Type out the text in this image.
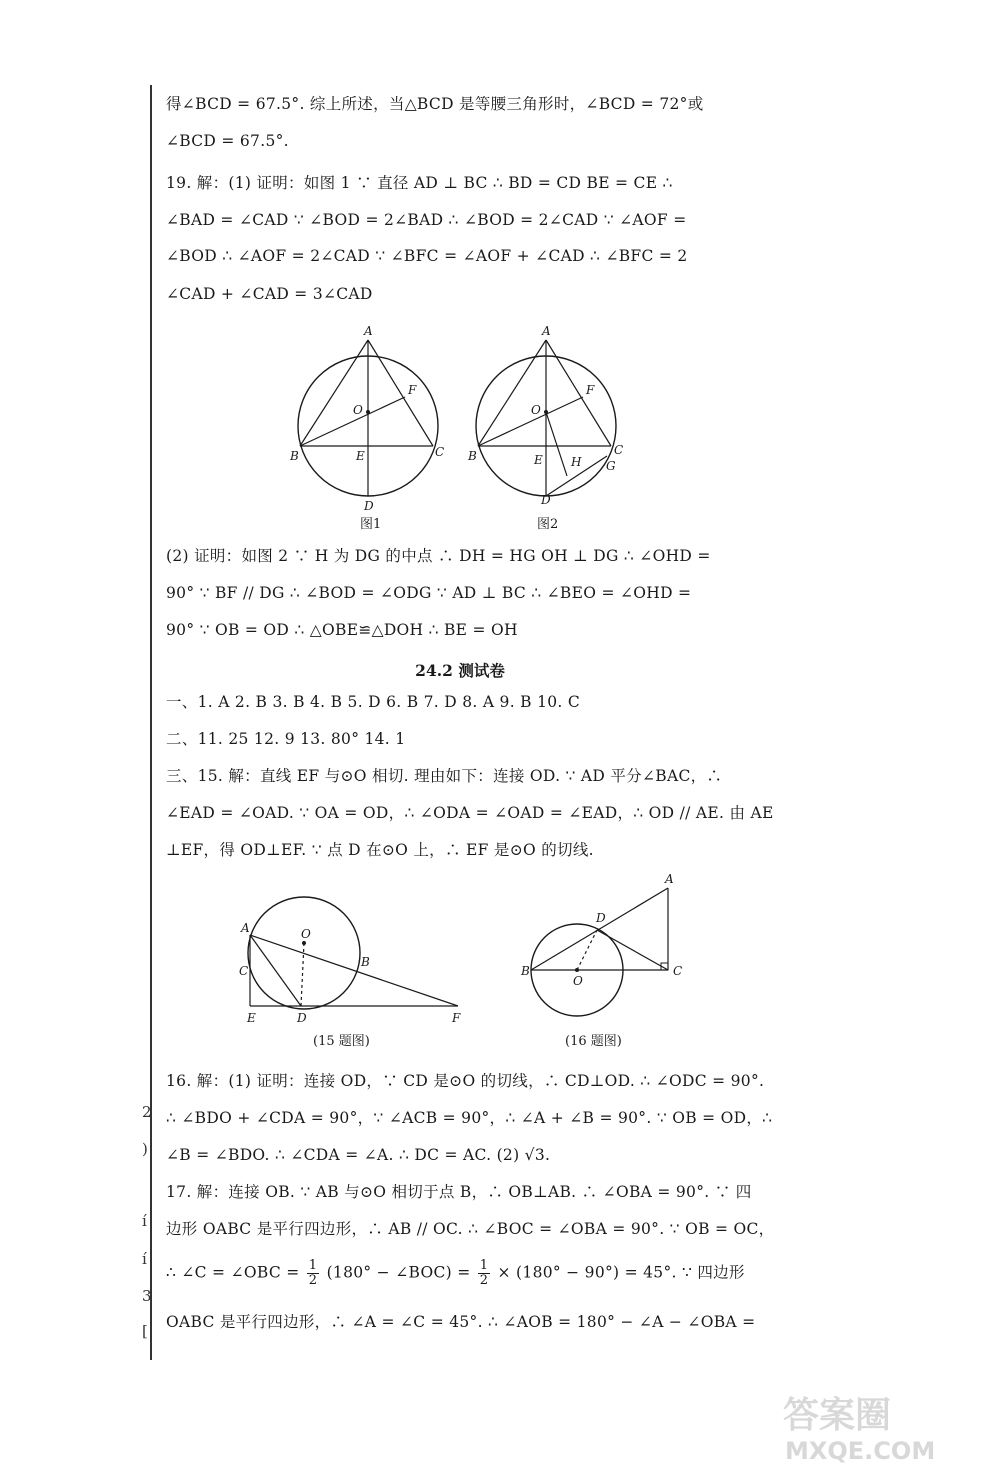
2
)
í
í
3
[
得∠BCD = 67.5°. 综上所述，当△BCD 是等腰三角形时，∠BCD = 72°或
∠BCD = 67.5°.
19. 解：(1) 证明：如图 1 ∵ 直径 AD ⊥ BC ∴ BD = CD BE = CE ∴
∠BAD = ∠CAD ∵ ∠BOD = 2∠BAD ∴ ∠BOD = 2∠CAD ∵ ∠AOF =
∠BOD ∴ ∠AOF = 2∠CAD ∵ ∠BFC = ∠AOF + ∠CAD ∴ ∠BFC = 2
∠CAD + ∠CAD = 3∠CAD
A
F
O
B	E	C
D
图1
A
F
O
B	E
C
H G
D
图2
(2) 证明：如图 2 ∵ H 为 DG 的中点 ∴ DH = HG OH ⊥ DG ∴ ∠OHD =
90° ∵ BF // DG ∴ ∠BOD = ∠ODG ∵ AD ⊥ BC ∴ ∠BEO = ∠OHD =
90° ∵ OB = OD ∴ △OBE≌△DOH ∴ BE = OH
24.2 测试卷
一、1. A 2. B 3. B 4. B 5. D 6. B 7. D 8. A 9. B 10. C
二、11. 25 12. 9 13. 80° 14. 1
三、15. 解：直线 EF 与⊙O 相切. 理由如下：连接 OD. ∵ AD 平分∠BAC，∴
∠EAD = ∠OAD. ∵ OA = OD，∴ ∠ODA = ∠OAD = ∠EAD，∴ OD // AE. 由 AE
⊥EF，得 OD⊥EF. ∵ 点 D 在⊙O 上，∴ EF 是⊙O 的切线.
A	O
B
C
E	D	F
(15 题图)
A
D
B	C
O
(16 题图)
16. 解：(1) 证明：连接 OD，∵ CD 是⊙O 的切线，∴ CD⊥OD. ∴ ∠ODC = 90°.
∴ ∠BDO + ∠CDA = 90°，∵ ∠ACB = 90°，∴ ∠A + ∠B = 90°. ∵ OB = OD，∴
∠B = ∠BDO. ∴ ∠CDA = ∠A. ∴ DC = AC. (2) √3.
17. 解：连接 OB. ∵ AB 与⊙O 相切于点 B，∴ OB⊥AB. ∴ ∠OBA = 90°. ∵ 四
边形 OABC 是平行四边形，∴ AB // OC. ∴ ∠BOC = ∠OBA = 90°. ∵ OB = OC，
∴ ∠C = ∠OBC = $\frac{1}{2} (180^\circ$ − ∠BOC) = $\frac{1}{2} \times (180^\circ - 90^\circ) = 45^\circ$. ∵ 四边形
OABC 是平行四边形，∴ ∠A = ∠C = 45°. ∴ ∠AOB = 180° − ∠A − ∠OBA =
答案圈
MXQE.COM
